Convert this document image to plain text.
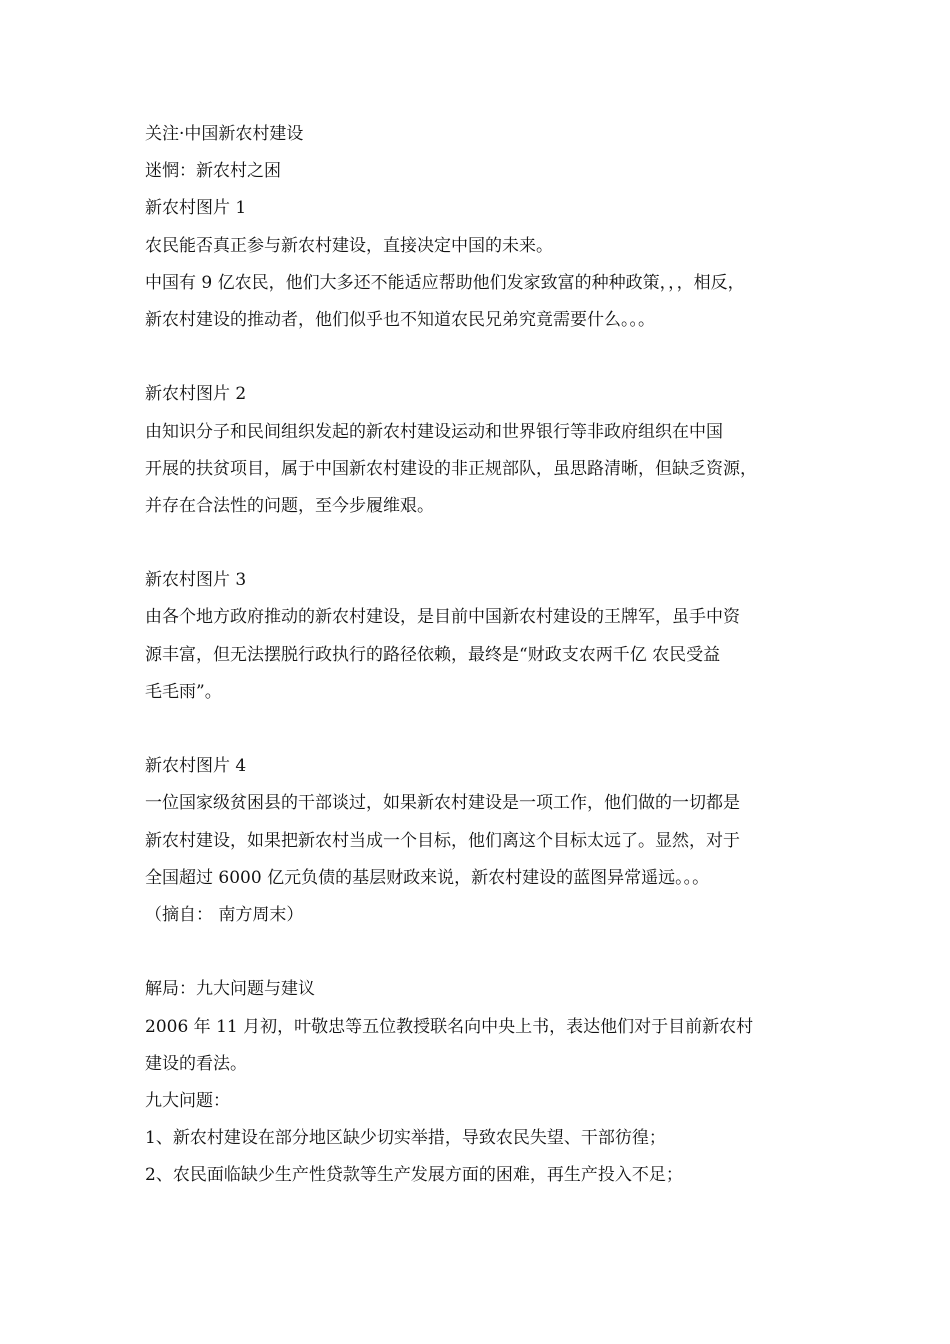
关注·中国新农村建设

迷惘：新农村之困

新农村图片 1

农民能否真正参与新农村建设，直接决定中国的未来。

中国有 9 亿农民，他们大多还不能适应帮助他们发家致富的种种政策，，，相反，

新农村建设的推动者，他们似乎也不知道农民兄弟究竟需要什么。。。

新农村图片 2

由知识分子和民间组织发起的新农村建设运动和世界银行等非政府组织在中国

开展的扶贫项目，属于中国新农村建设的非正规部队，虽思路清晰，但缺乏资源，

并存在合法性的问题，至今步履维艰。

新农村图片 3

由各个地方政府推动的新农村建设，是目前中国新农村建设的王牌军，虽手中资

源丰富，但无法摆脱行政执行的路径依赖，最终是“财政支农两千亿 农民受益

毛毛雨”。

新农村图片 4

一位国家级贫困县的干部谈过，如果新农村建设是一项工作，他们做的一切都是

新农村建设，如果把新农村当成一个目标，他们离这个目标太远了。显然，对于

全国超过 6000 亿元负债的基层财政来说，新农村建设的蓝图异常遥远。。。

（摘自： 南方周末）

解局：九大问题与建议

2006 年 11 月初，叶敬忠等五位教授联名向中央上书，表达他们对于目前新农村

建设的看法。

九大问题：

1、新农村建设在部分地区缺少切实举措，导致农民失望、干部彷徨；

2、农民面临缺少生产性贷款等生产发展方面的困难，再生产投入不足；
